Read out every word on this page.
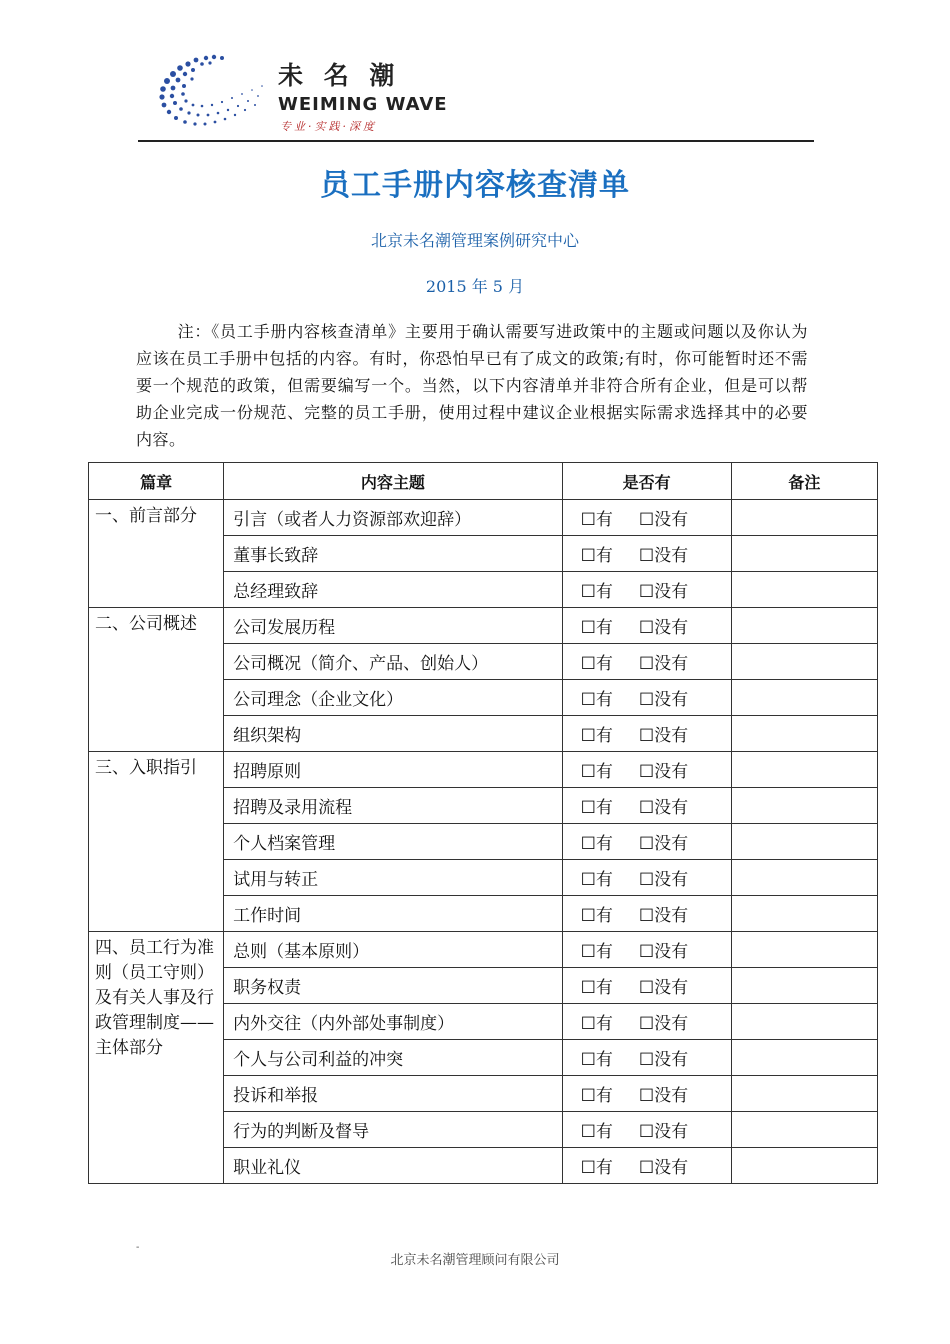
未 名 潮
WEIMING WAVE
专业·实践·深度
员工手册内容核查清单
北京未名潮管理案例研究中心
2015 年 5 月
注：《员工手册内容核查清单》主要用于确认需要写进政策中的主题或问题以及你认为应该在员工手册中包括的内容。有时，你恐怕早已有了成文的政策;有时，你可能暂时还不需要一个规范的政策，但需要编写一个。当然，以下内容清单并非符合所有企业，但是可以帮助企业完成一份规范、完整的员工手册，使用过程中建议企业根据实际需求选择其中的必要内容。
篇章	内容主题	是否有	备注
一、前言部分	引言（或者人力资源部欢迎辞）	☐有 ☐没有	
	董事长致辞	☐有 ☐没有	
	总经理致辞	☐有 ☐没有	
二、公司概述	公司发展历程	☐有 ☐没有	
	公司概况（简介、产品、创始人）	☐有 ☐没有	
	公司理念（企业文化）	☐有 ☐没有	
	组织架构	☐有 ☐没有	
三、入职指引	招聘原则	☐有 ☐没有	
	招聘及录用流程	☐有 ☐没有	
	个人档案管理	☐有 ☐没有	
	试用与转正	☐有 ☐没有	
	工作时间	☐有 ☐没有	
四、员工行为准则（员工守则）及有关人事及行政管理制度——主体部分	总则（基本原则）	☐有 ☐没有	
	职务权责	☐有 ☐没有	
	内外交往（内外部处事制度）	☐有 ☐没有	
	个人与公司利益的冲突	☐有 ☐没有	
	投诉和举报	☐有 ☐没有	
	行为的判断及督导	☐有 ☐没有	
	职业礼仪	☐有 ☐没有	
-
北京未名潮管理顾问有限公司
